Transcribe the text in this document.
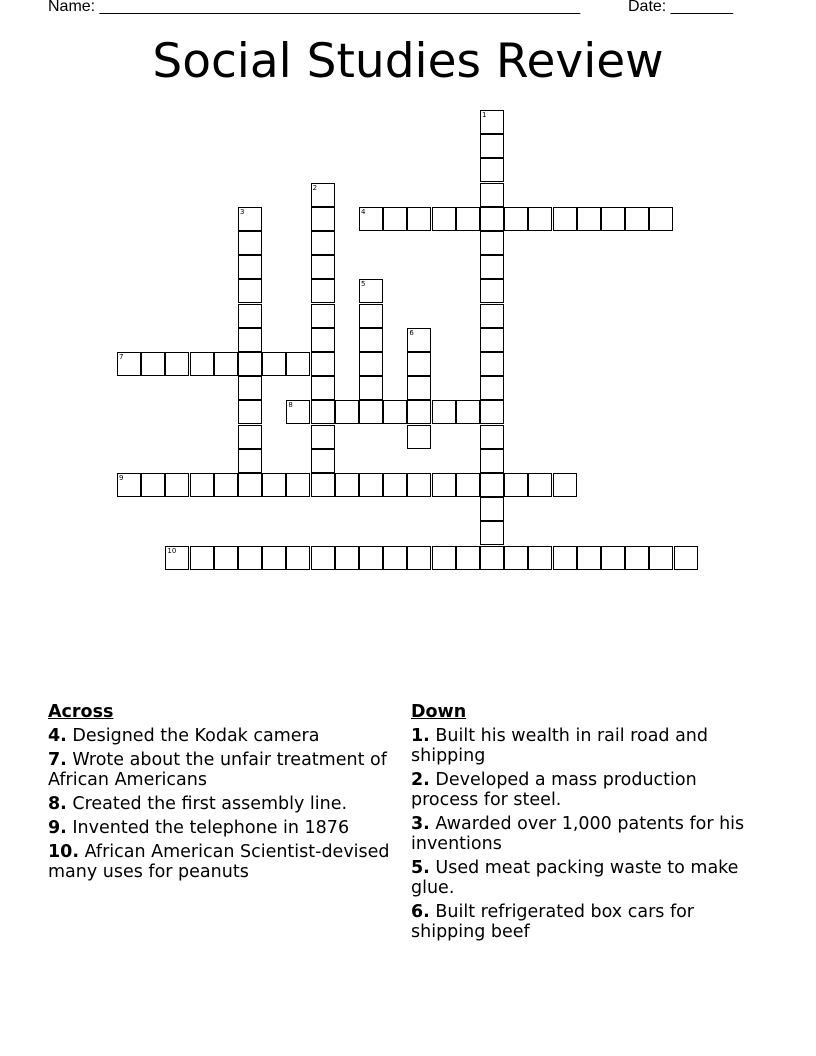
Name: ______________________________________________________	Date: _______
Social Studies Review
1
2
3	4
5
6
7
8
9
10
Across
4. Designed the Kodak camera
7. Wrote about the unfair treatment of African Americans
8. Created the first assembly line.
9. Invented the telephone in 1876
10. African American Scientist-devised many uses for peanuts
Down
1. Built his wealth in rail road and shipping
2. Developed a mass production process for steel.
3. Awarded over 1,000 patents for his inventions
5. Used meat packing waste to make glue.
6. Built refrigerated box cars for shipping beef
